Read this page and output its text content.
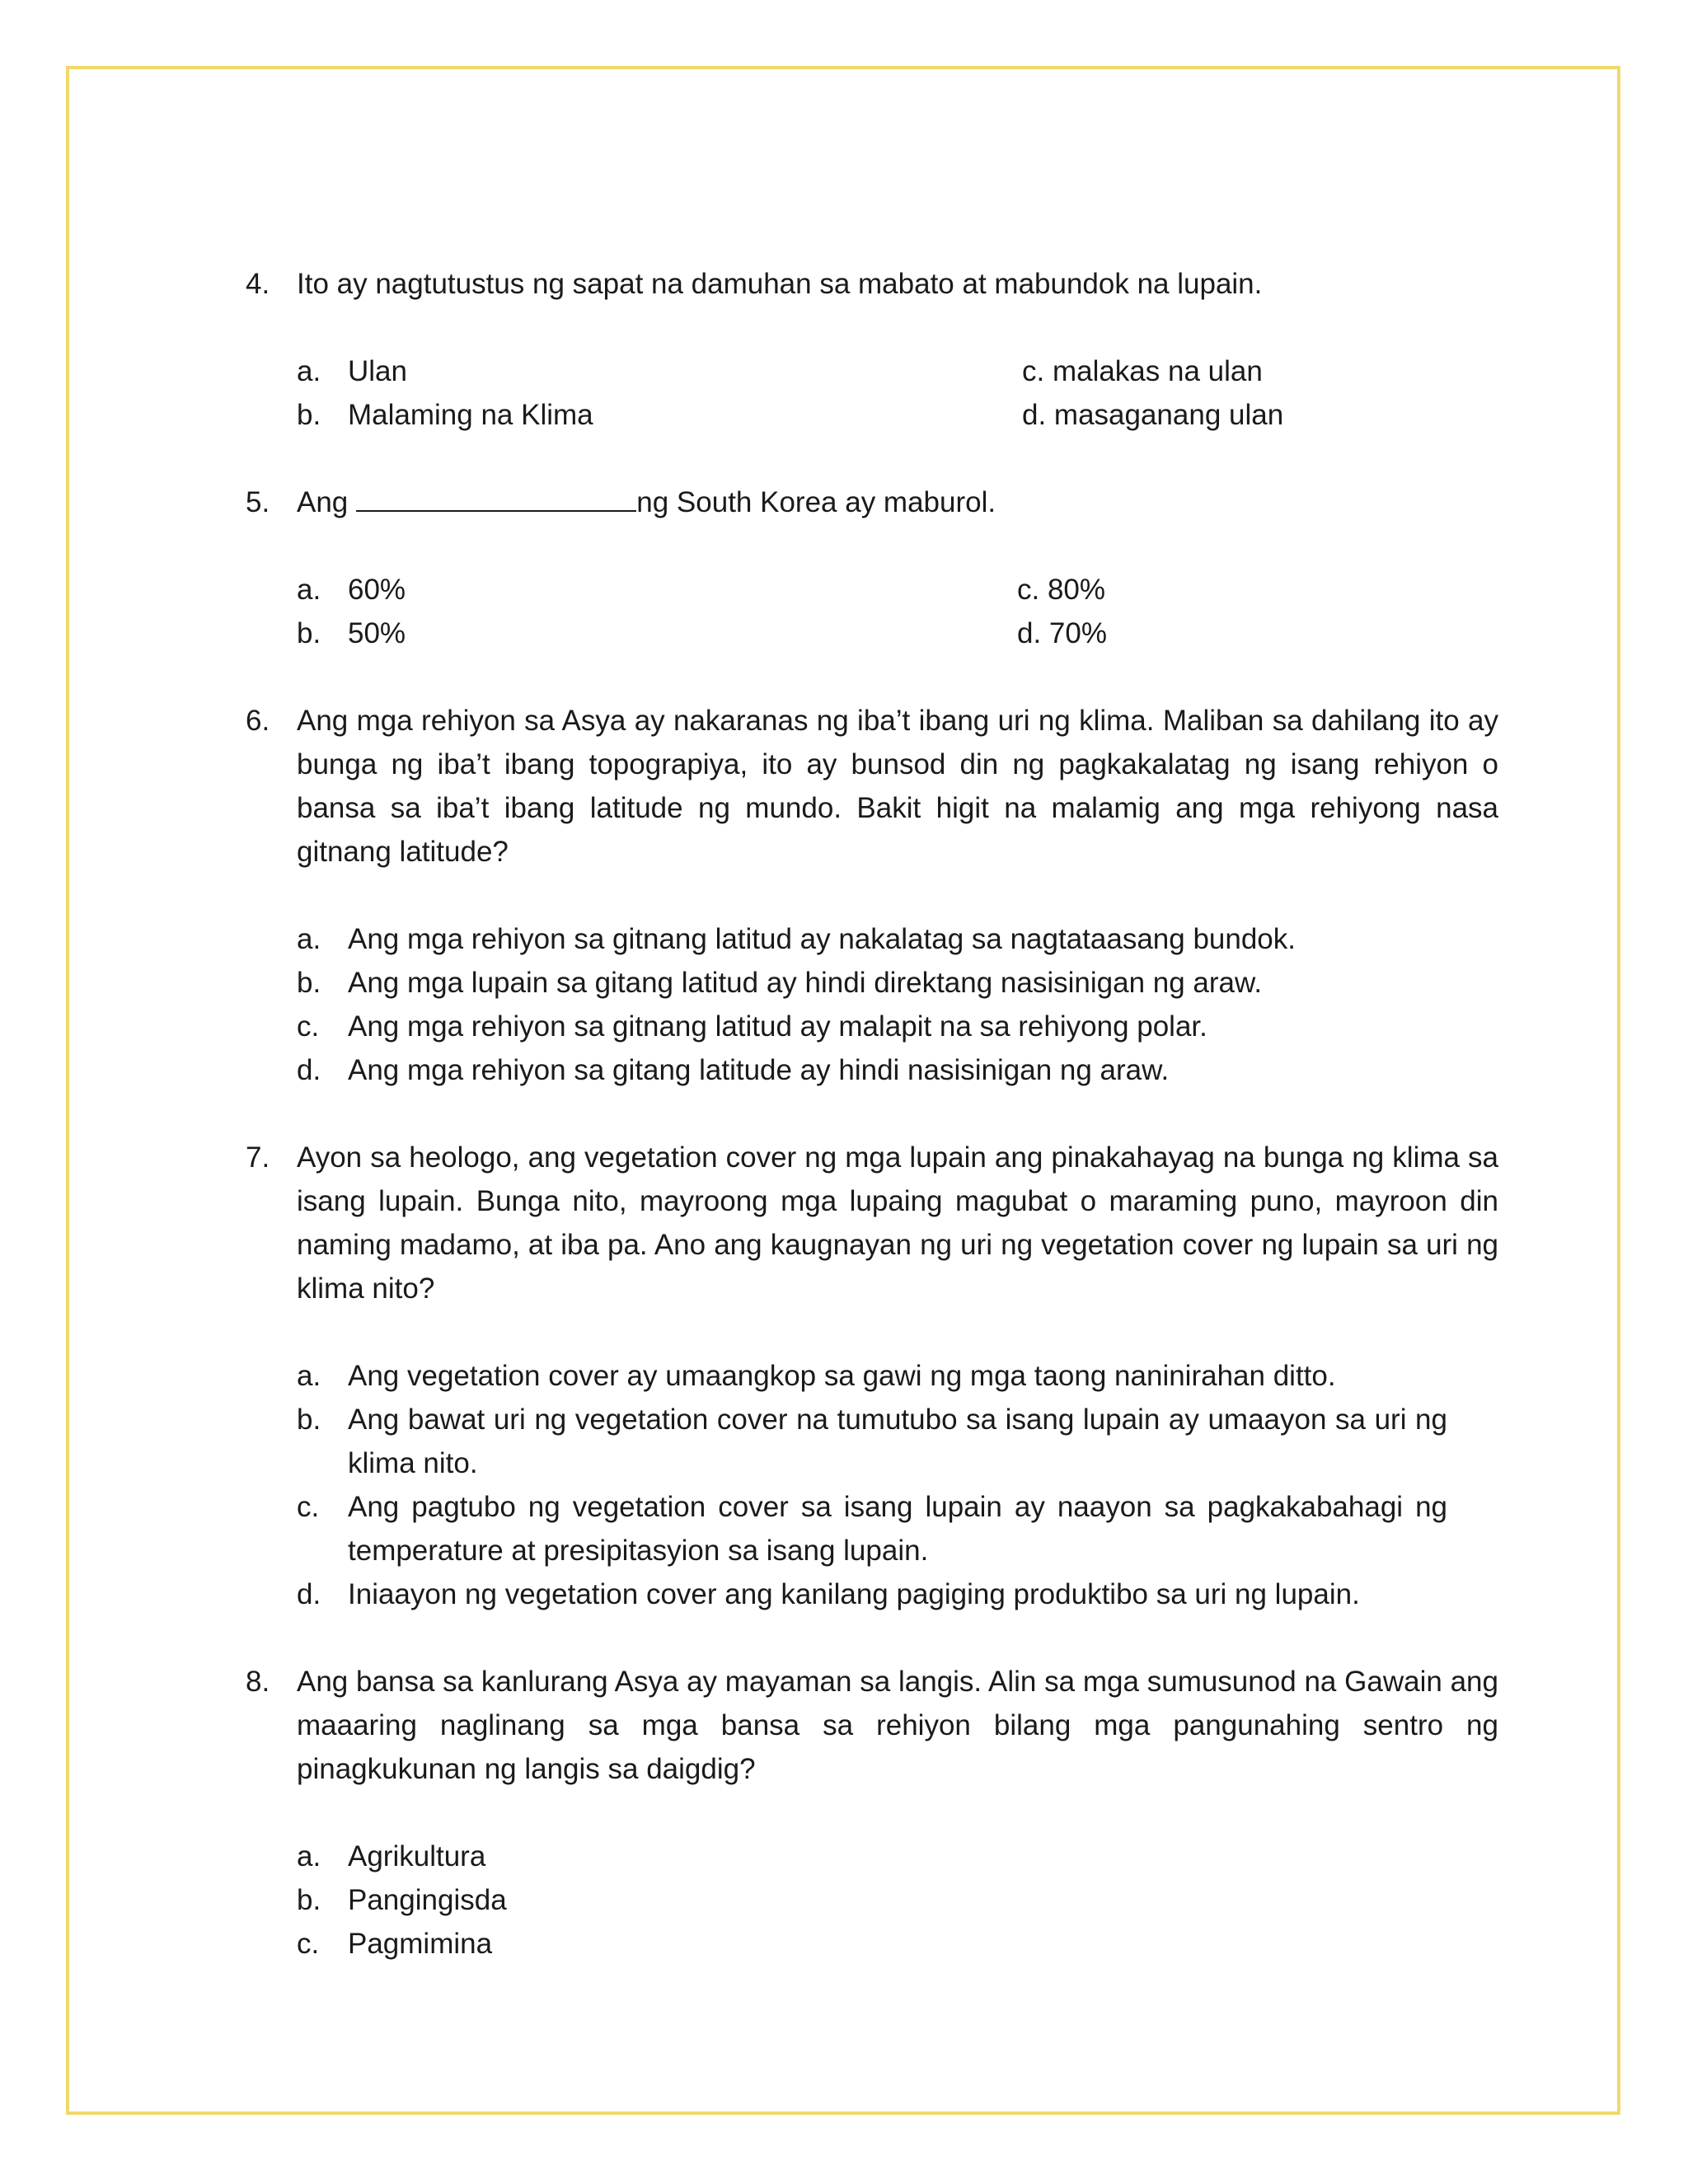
4. Ito ay nagtutustus ng sapat na damuhan sa mabato at mabundok na lupain.
a. Ulan	c. malakas na ulan
b. Malaming na Klima	d. masaganang ulan
5. Ang	ng South Korea ay maburol.
a. 60%	c. 80%
b. 50%	d. 70%
6. Ang mga rehiyon sa Asya ay nakaranas ng iba’t ibang uri ng klima. Maliban sa dahilang ito ay bunga ng iba’t ibang topograpiya, ito ay bunsod din ng pagkakalatag ng isang rehiyon o bansa sa iba’t ibang latitude ng mundo. Bakit higit na malamig ang mga rehiyong nasa gitnang latitude?
a. Ang mga rehiyon sa gitnang latitud ay nakalatag sa nagtataasang bundok.
b. Ang mga lupain sa gitang latitud ay hindi direktang nasisinigan ng araw.
c. Ang mga rehiyon sa gitnang latitud ay malapit na sa rehiyong polar.
d. Ang mga rehiyon sa gitang latitude ay hindi nasisinigan ng araw.
7. Ayon sa heologo, ang vegetation cover ng mga lupain ang pinakahayag na bunga ng klima sa isang lupain. Bunga nito, mayroong mga lupaing magubat o maraming puno, mayroon din naming madamo, at iba pa. Ano ang kaugnayan ng uri ng vegetation cover ng lupain sa uri ng klima nito?
a. Ang vegetation cover ay umaangkop sa gawi ng mga taong naninirahan ditto.
b. Ang bawat uri ng vegetation cover na tumutubo sa isang lupain ay umaayon sa uri ng klima nito.
c. Ang pagtubo ng vegetation cover sa isang lupain ay naayon sa pagkakabahagi ng temperature at presipitasyion sa isang lupain.
d. Iniaayon ng vegetation cover ang kanilang pagiging produktibo sa uri ng lupain.
8. Ang bansa sa kanlurang Asya ay mayaman sa langis. Alin sa mga sumusunod na Gawain ang maaaring naglinang sa mga bansa sa rehiyon bilang mga pangunahing sentro ng pinagkukunan ng langis sa daigdig?
a. Agrikultura
b. Pangingisda
c. Pagmimina
